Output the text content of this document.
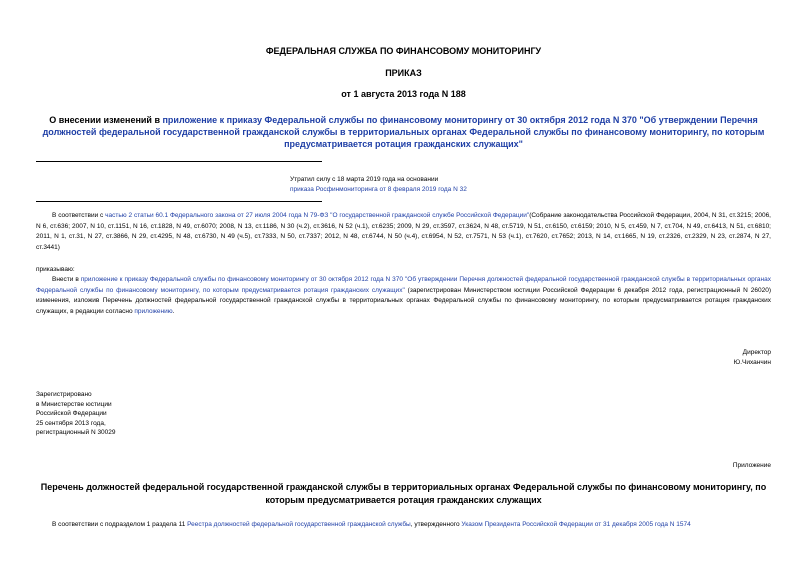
ФЕДЕРАЛЬНАЯ СЛУЖБА ПО ФИНАНСОВОМУ МОНИТОРИНГУ
ПРИКАЗ
от 1 августа 2013 года N 188
О внесении изменений в приложение к приказу Федеральной службы по финансовому мониторингу от 30 октября 2012 года N 370 "Об утверждении Перечня должностей федеральной государственной гражданской службы в территориальных органах Федеральной службы по финансовому мониторингу, по которым предусматривается ротация гражданских служащих"
Утратил силу с 18 марта 2019 года на основании
приказа Росфинмониторинга от 8 февраля 2019 года N 32
В соответствии с частью 2 статьи 60.1 Федерального закона от 27 июля 2004 года N 79-ФЗ "О государственной гражданской службе Российской Федерации"(Собрание законодательства Российской Федерации, 2004, N 31, ст.3215; 2006, N 6, ст.636; 2007, N 10, ст.1151, N 16, ст.1828, N 49, ст.6070; 2008, N 13, ст.1186, N 30 (ч.2), ст.3616, N 52 (ч.1), ст.6235; 2009, N 29, ст.3597, ст.3624, N 48, ст.5719, N 51, ст.6150, ст.6159; 2010, N 5, ст.459, N 7, ст.704, N 49, ст.6413, N 51, ст.6810; 2011, N 1, ст.31, N 27, ст.3866, N 29, ст.4295, N 48, ст.6730, N 49 (ч.5), ст.7333, N 50, ст.7337; 2012, N 48, ст.6744, N 50 (ч.4), ст.6954, N 52, ст.7571, N 53 (ч.1), ст.7620, ст.7652; 2013, N 14, ст.1665, N 19, ст.2326, ст.2329, N 23, ст.2874, N 27, ст.3441)
приказываю:
Внести в приложение к приказу Федеральной службы по финансовому мониторингу от 30 октября 2012 года N 370 "Об утверждении Перечня должностей федеральной государственной гражданской службы в территориальных органах Федеральной службы по финансовому мониторингу, по которым предусматривается ротация гражданских служащих" (зарегистрирован Министерством юстиции Российской Федерации 6 декабря 2012 года, регистрационный N 26020) изменения, изложив Перечень должностей федеральной государственной гражданской службы в территориальных органах Федеральной службы по финансовому мониторингу, по которым предусматривается ротация гражданских служащих, в редакции согласно приложению.
Директор
Ю.Чиханчин
Зарегистрировано
в Министерстве юстиции
Российской Федерации
25 сентября 2013 года,
регистрационный N 30029
Приложение
Перечень должностей федеральной государственной гражданской службы в территориальных органах Федеральной службы по финансовому мониторингу, по которым предусматривается ротация гражданских служащих
В соответствии с подразделом 1 раздела 11 Реестра должностей федеральной государственной гражданской службы, утвержденного Указом Президента Российской Федерации от 31 декабря 2005 года N 1574
